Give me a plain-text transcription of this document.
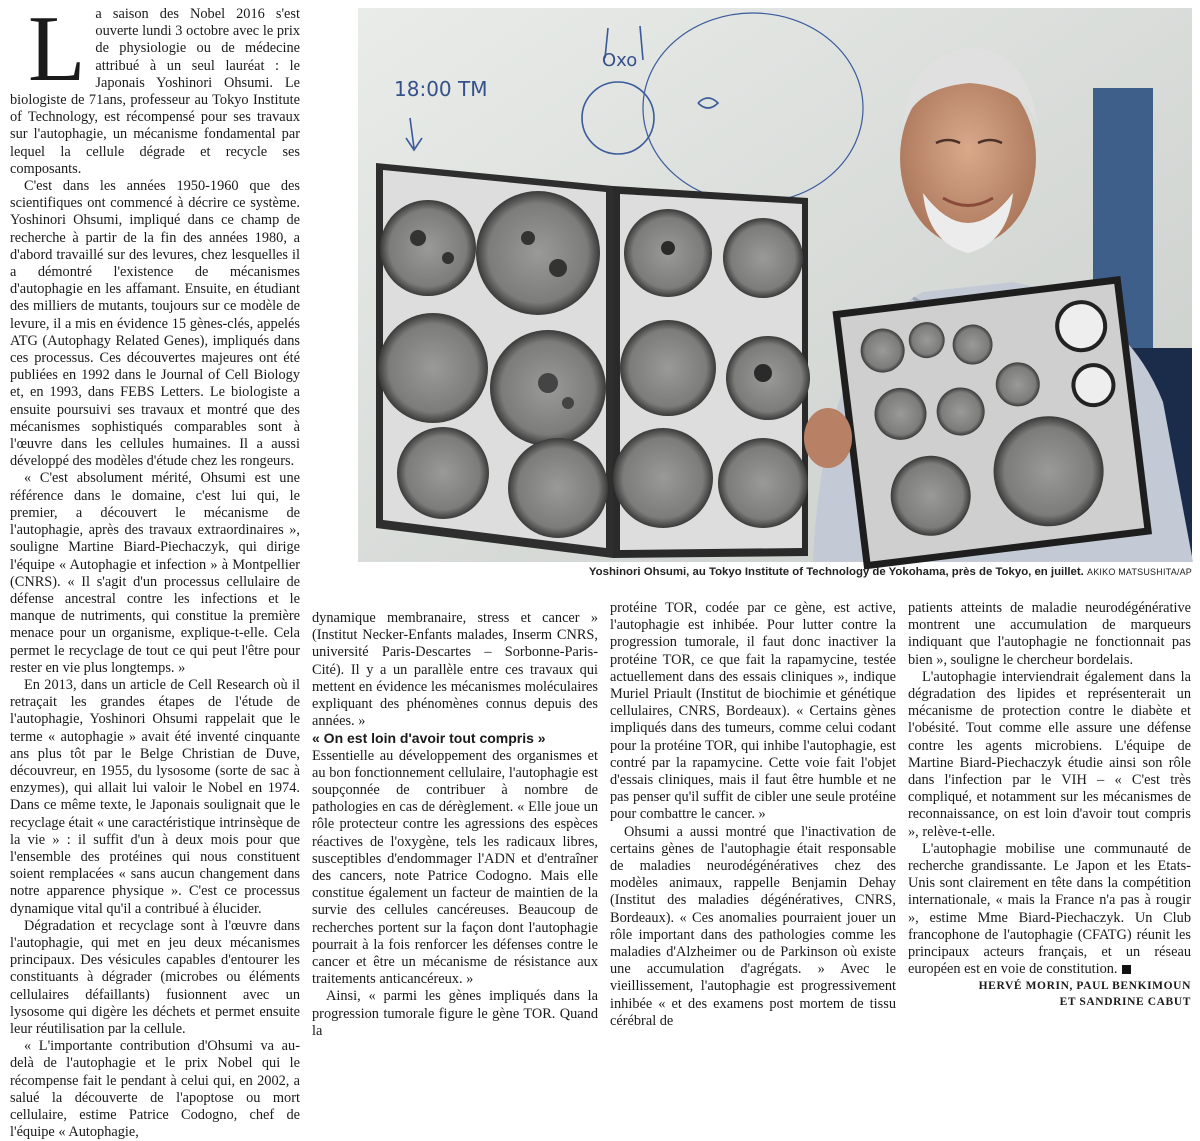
La saison des Nobel 2016 s'est ouverte lundi 3 octobre avec le prix de physiologie ou de médecine attribué à un seul lauréat : le Japonais Yoshinori Ohsumi. Le biologiste de 71ans, professeur au Tokyo Institute of Technology, est récompensé pour ses travaux sur l'autophagie, un mécanisme fondamental par lequel la cellule dégrade et recycle ses composants.

C'est dans les années 1950-1960 que des scientifiques ont commencé à décrire ce système. Yoshinori Ohsumi, impliqué dans ce champ de recherche à partir de la fin des années 1980, a d'abord travaillé sur des levures, chez lesquelles il a démontré l'existence de mécanismes d'autophagie en les affamant. Ensuite, en étudiant des milliers de mutants, toujours sur ce modèle de levure, il a mis en évidence 15 gènes-clés, appelés ATG (Autophagy Related Genes), impliqués dans ces processus. Ces découvertes majeures ont été publiées en 1992 dans le Journal of Cell Biology et, en 1993, dans FEBS Letters. Le biologiste a ensuite poursuivi ses travaux et montré que des mécanismes sophistiqués comparables sont à l'œuvre dans les cellules humaines. Il a aussi développé des modèles d'étude chez les rongeurs.

« C'est absolument mérité, Ohsumi est une référence dans le domaine, c'est lui qui, le premier, a découvert le mécanisme de l'autophagie, après des travaux extraordinaires », souligne Martine Biard-Piechaczyk, qui dirige l'équipe « Autophagie et infection » à Montpellier (CNRS). « Il s'agit d'un processus cellulaire de défense ancestral contre les infections et le manque de nutriments, qui constitue la première menace pour un organisme, explique-t-elle. Cela permet le recyclage de tout ce qui peut l'être pour rester en vie plus longtemps. »

En 2013, dans un article de Cell Research où il retraçait les grandes étapes de l'étude de l'autophagie, Yoshinori Ohsumi rappelait que le terme « autophagie » avait été inventé cinquante ans plus tôt par le Belge Christian de Duve, découvreur, en 1955, du lysosome (sorte de sac à enzymes), qui allait lui valoir le Nobel en 1974. Dans ce même texte, le Japonais soulignait que le recyclage était « une caractéristique intrinsèque de la vie » : il suffit d'un à deux mois pour que l'ensemble des protéines qui nous constituent soient remplacées « sans aucun changement dans notre apparence physique ». C'est ce processus dynamique vital qu'il a contribué à élucider.

Dégradation et recyclage sont à l'œuvre dans l'autophagie, qui met en jeu deux mécanismes principaux. Des vésicules capables d'entourer les constituants à dégrader (microbes ou éléments cellulaires défaillants) fusionnent avec un lysosome qui digère les déchets et permet ensuite leur réutilisation par la cellule.

« L'importante contribution d'Ohsumi va au-delà de l'autophagie et le prix Nobel qui le récompense fait le pendant à celui qui, en 2002, a salué la découverte de l'apoptose ou mort cellulaire, estime Patrice Codogno, chef de l'équipe « Autophagie,

18:00 TM
Oxo
Yoshinori Ohsumi, au Tokyo Institute of Technology de Yokohama, près de Tokyo, en juillet. AKIKO MATSUSHITA/AP

dynamique membranaire, stress et cancer » (Institut Necker-Enfants malades, Inserm CNRS, université Paris-Descartes – Sorbonne-Paris-Cité). Il y a un parallèle entre ces travaux qui mettent en évidence les mécanismes moléculaires expliquant des phénomènes connus depuis des années. »

« On est loin d'avoir tout compris »

Essentielle au développement des organismes et au bon fonctionnement cellulaire, l'autophagie est soupçonnée de contribuer à nombre de pathologies en cas de dérèglement. « Elle joue un rôle protecteur contre les agressions des espèces réactives de l'oxygène, tels les radicaux libres, susceptibles d'endommager l'ADN et d'entraîner des cancers, note Patrice Codogno. Mais elle constitue également un facteur de maintien de la survie des cellules cancéreuses. Beaucoup de recherches portent sur la façon dont l'autophagie pourrait à la fois renforcer les défenses contre le cancer et être un mécanisme de résistance aux traitements anticancéreux. »

Ainsi, « parmi les gènes impliqués dans la progression tumorale figure le gène TOR. Quand la

protéine TOR, codée par ce gène, est active, l'autophagie est inhibée. Pour lutter contre la progression tumorale, il faut donc inactiver la protéine TOR, ce que fait la rapamycine, testée actuellement dans des essais cliniques », indique Muriel Priault (Institut de biochimie et génétique cellulaires, CNRS, Bordeaux). « Certains gènes impliqués dans des tumeurs, comme celui codant pour la protéine TOR, qui inhibe l'autophagie, est contré par la rapamycine. Cette voie fait l'objet d'essais cliniques, mais il faut être humble et ne pas penser qu'il suffit de cibler une seule protéine pour combattre le cancer. »

Ohsumi a aussi montré que l'inactivation de certains gènes de l'autophagie était responsable de maladies neurodégénératives chez des modèles animaux, rappelle Benjamin Dehay (Institut des maladies dégénératives, CNRS, Bordeaux). « Ces anomalies pourraient jouer un rôle important dans des pathologies comme les maladies d'Alzheimer ou de Parkinson où existe une accumulation d'agrégats. » Avec le vieillissement, l'autophagie est progressivement inhibée « et des examens post mortem de tissu cérébral de

patients atteints de maladie neurodégénérative montrent une accumulation de marqueurs indiquant que l'autophagie ne fonctionnait pas bien », souligne le chercheur bordelais.

L'autophagie interviendrait également dans la dégradation des lipides et représenterait un mécanisme de protection contre le diabète et l'obésité. Tout comme elle assure une défense contre les agents microbiens. L'équipe de Martine Biard-Piechaczyk étudie ainsi son rôle dans l'infection par le VIH – « C'est très compliqué, et notamment sur les mécanismes de reconnaissance, on est loin d'avoir tout compris », relève-t-elle.

L'autophagie mobilise une communauté de recherche grandissante. Le Japon et les Etats-Unis sont clairement en tête dans la compétition internationale, « mais la France n'a pas à rougir », estime Mme Biard-Piechaczyk. Un Club francophone de l'autophagie (CFATG) réunit les principaux acteurs français, et un réseau européen est en voie de constitution.

HERVÉ MORIN, PAUL BENKIMOUN
ET SANDRINE CABUT
